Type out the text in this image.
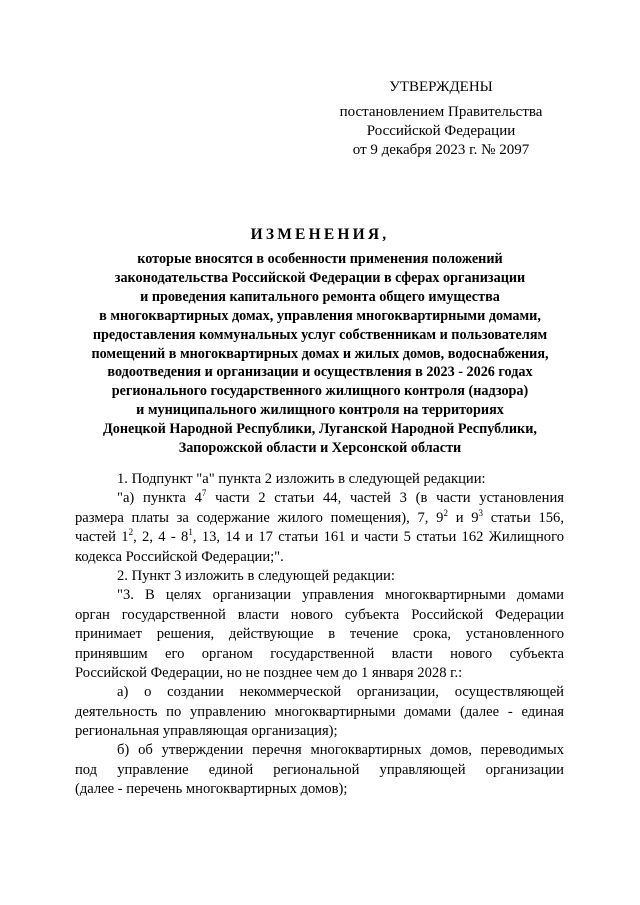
УТВЕРЖДЕНЫ
постановлением Правительства
Российской Федерации
от 9 декабря 2023 г. № 2097
ИЗМЕНЕНИЯ,
которые вносятся в особенности применения положений
законодательства Российской Федерации в сферах организации
и проведения капитального ремонта общего имущества
в многоквартирных домах, управления многоквартирными домами,
предоставления коммунальных услуг собственникам и пользователям
помещений в многоквартирных домах и жилых домов, водоснабжения,
водоотведения и организации и осуществления в 2023 - 2026 годах
регионального государственного жилищного контроля (надзора)
и муниципального жилищного контроля на территориях
Донецкой Народной Республики, Луганской Народной Республики,
Запорожской области и Херсонской области
1. Подпункт "а" пункта 2 изложить в следующей редакции:
"а) пункта $4^7$ части 2 статьи 44, частей 3 (в части установления
размера платы за содержание жилого помещения), 7, $9^2$ и $9^3$ статьи 156,
частей $1^2$, 2, $4 - 8^1$, 13, 14 и 17 статьи 161 и части 5 статьи 162 Жилищного
кодекса Российской Федерации;".
2. Пункт 3 изложить в следующей редакции:
"3. В целях организации управления многоквартирными домами
орган государственной власти нового субъекта Российской Федерации
принимает решения, действующие в течение срока, установленного
принявшим его органом государственной власти нового субъекта
Российской Федерации, но не позднее чем до 1 января 2028 г.:
а) о создании некоммерческой организации, осуществляющей
деятельность по управлению многоквартирными домами (далее - единая
региональная управляющая организация);
б) об утверждении перечня многоквартирных домов, переводимых
под управление единой региональной управляющей организации
(далее - перечень многоквартирных домов);
